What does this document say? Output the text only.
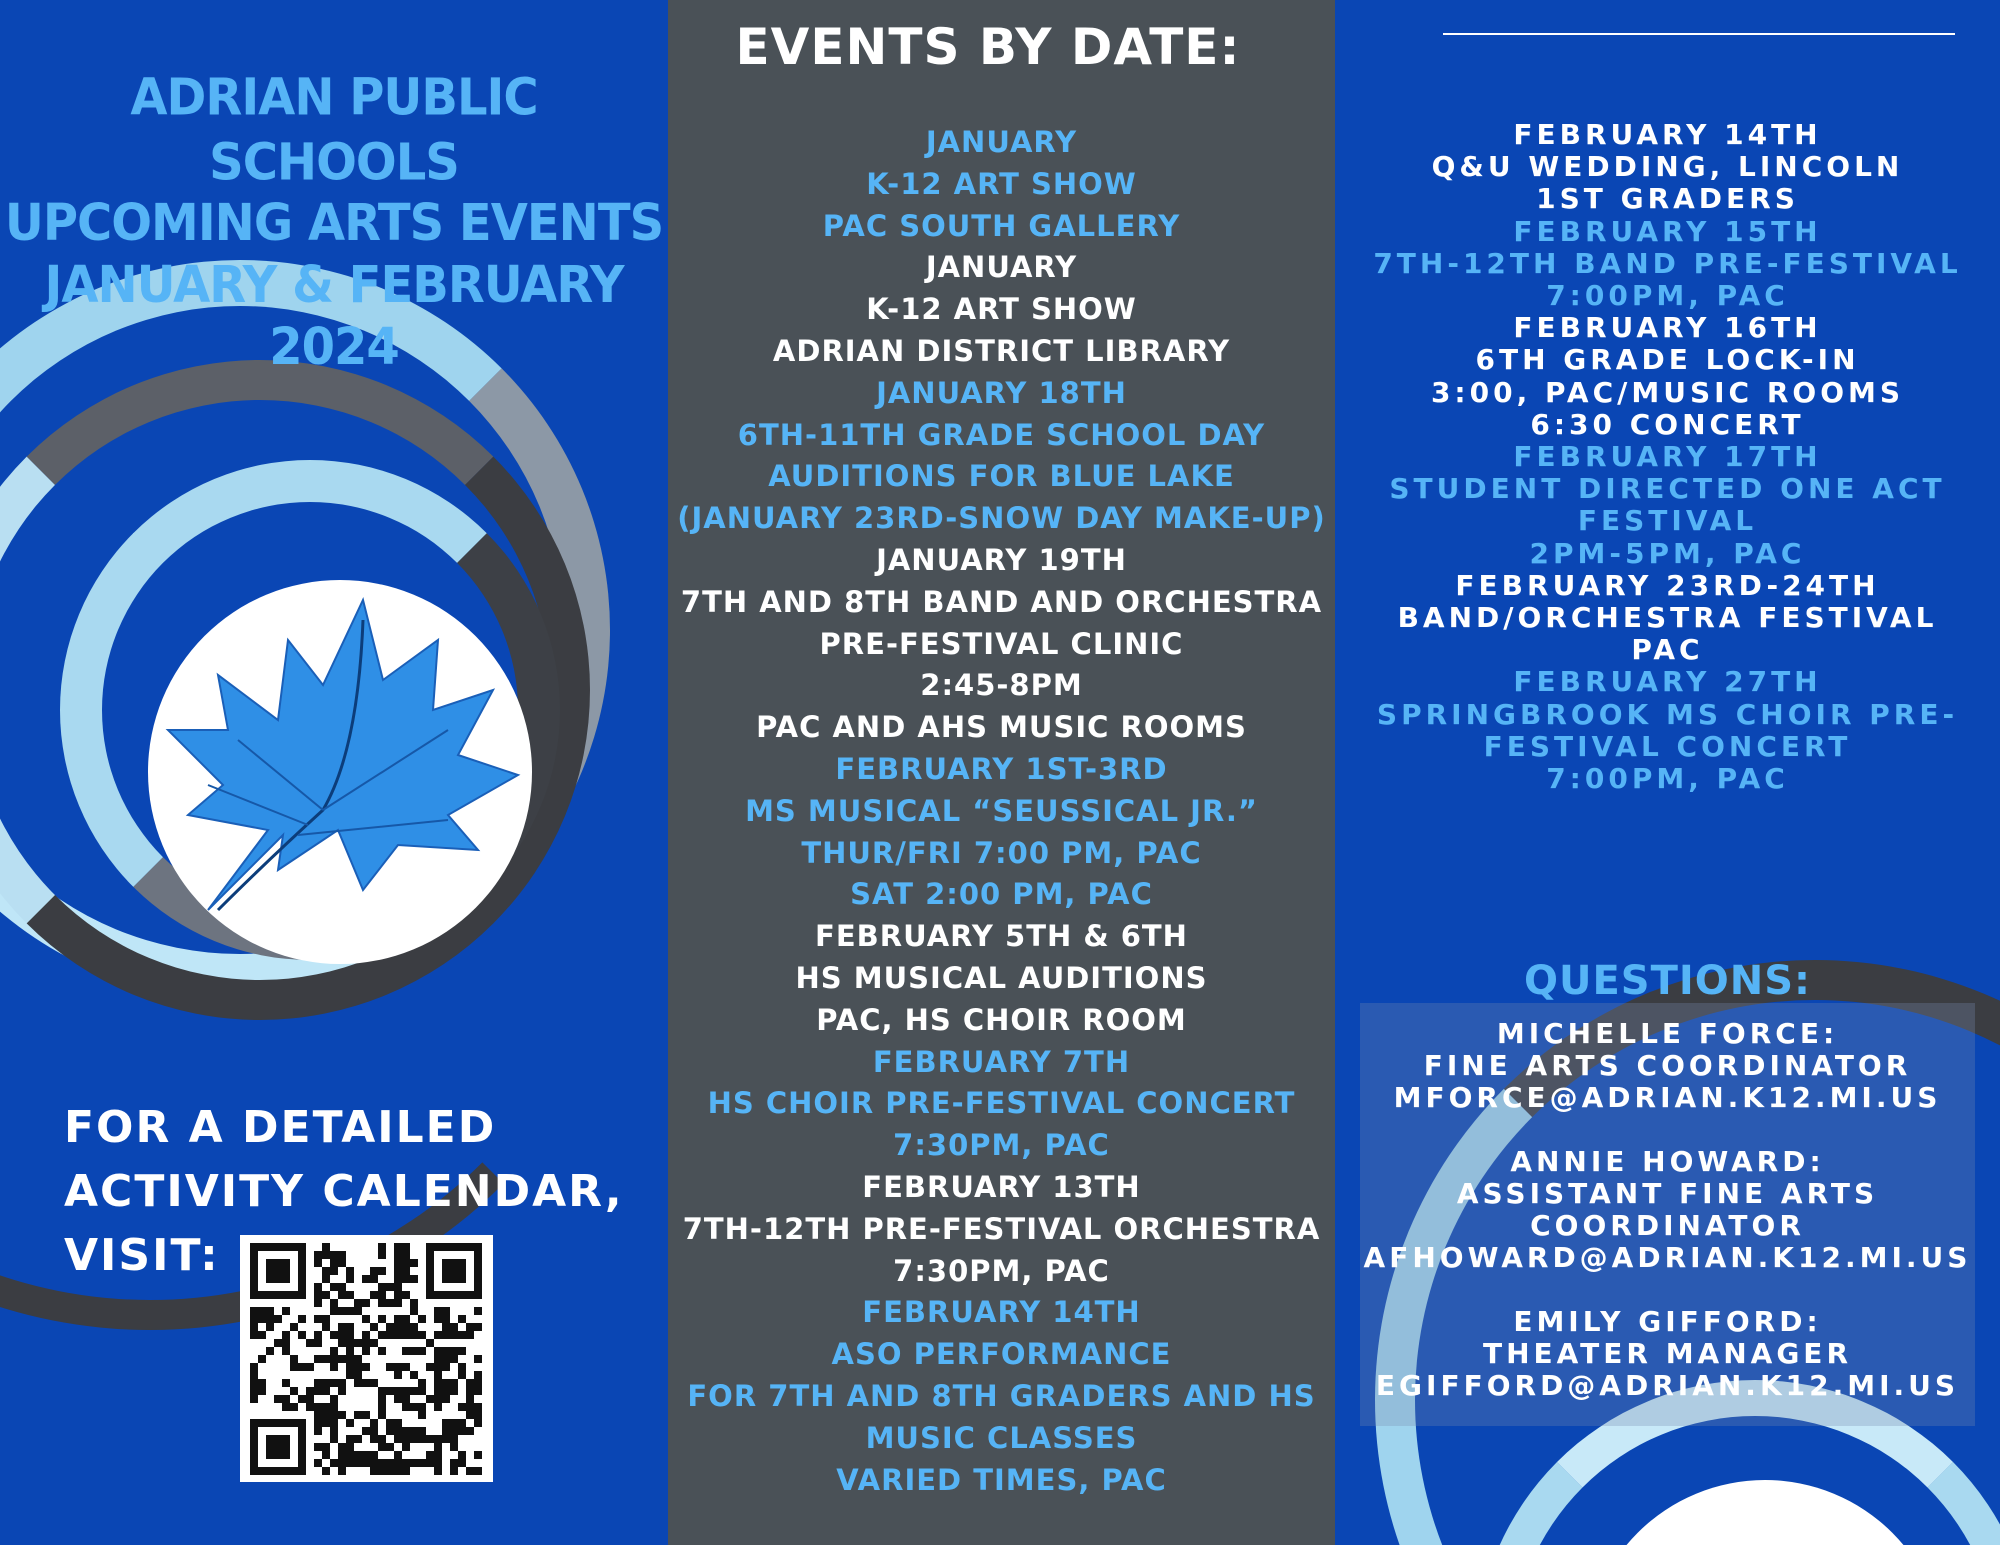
ADRIAN PUBLIC SCHOOLS
UPCOMING ARTS EVENTS
JANUARY & FEBRUARY
2024
FOR A DETAILED
ACTIVITY CALENDAR,
VISIT:
EVENTS BY DATE:
JANUARY
K-12 ART SHOW
PAC SOUTH GALLERY
JANUARY
K-12 ART SHOW
ADRIAN DISTRICT LIBRARY
JANUARY 18TH
6TH-11TH GRADE SCHOOL DAY
AUDITIONS FOR BLUE LAKE
(JANUARY 23RD-SNOW DAY MAKE-UP)
JANUARY 19TH
7TH AND 8TH BAND AND ORCHESTRA
PRE-FESTIVAL CLINIC
2:45-8PM
PAC AND AHS MUSIC ROOMS
FEBRUARY 1ST-3RD
MS MUSICAL “SEUSSICAL JR.”
THUR/FRI 7:00 PM, PAC
SAT 2:00 PM, PAC
FEBRUARY 5TH & 6TH
HS MUSICAL AUDITIONS
PAC, HS CHOIR ROOM
FEBRUARY 7TH
HS CHOIR PRE-FESTIVAL CONCERT
7:30PM, PAC
FEBRUARY 13TH
7TH-12TH PRE-FESTIVAL ORCHESTRA
7:30PM, PAC
FEBRUARY 14TH
ASO PERFORMANCE
FOR 7TH AND 8TH GRADERS AND HS
MUSIC CLASSES
VARIED TIMES, PAC
FEBRUARY 14TH
Q&U WEDDING, LINCOLN
1ST GRADERS
FEBRUARY 15TH
7TH-12TH BAND PRE-FESTIVAL
7:00PM, PAC
FEBRUARY 16TH
6TH GRADE LOCK-IN
3:00, PAC/MUSIC ROOMS
6:30 CONCERT
FEBRUARY 17TH
STUDENT DIRECTED ONE ACT
FESTIVAL
2PM-5PM, PAC
FEBRUARY 23RD-24TH
BAND/ORCHESTRA FESTIVAL
PAC
FEBRUARY 27TH
SPRINGBROOK MS CHOIR PRE-
FESTIVAL CONCERT
7:00PM, PAC
QUESTIONS:
MICHELLE FORCE:
FINE ARTS COORDINATOR
MFORCE@ADRIAN.K12.MI.US
ANNIE HOWARD:
ASSISTANT FINE ARTS
COORDINATOR
AFHOWARD@ADRIAN.K12.MI.US
EMILY GIFFORD:
THEATER MANAGER
EGIFFORD@ADRIAN.K12.MI.US
